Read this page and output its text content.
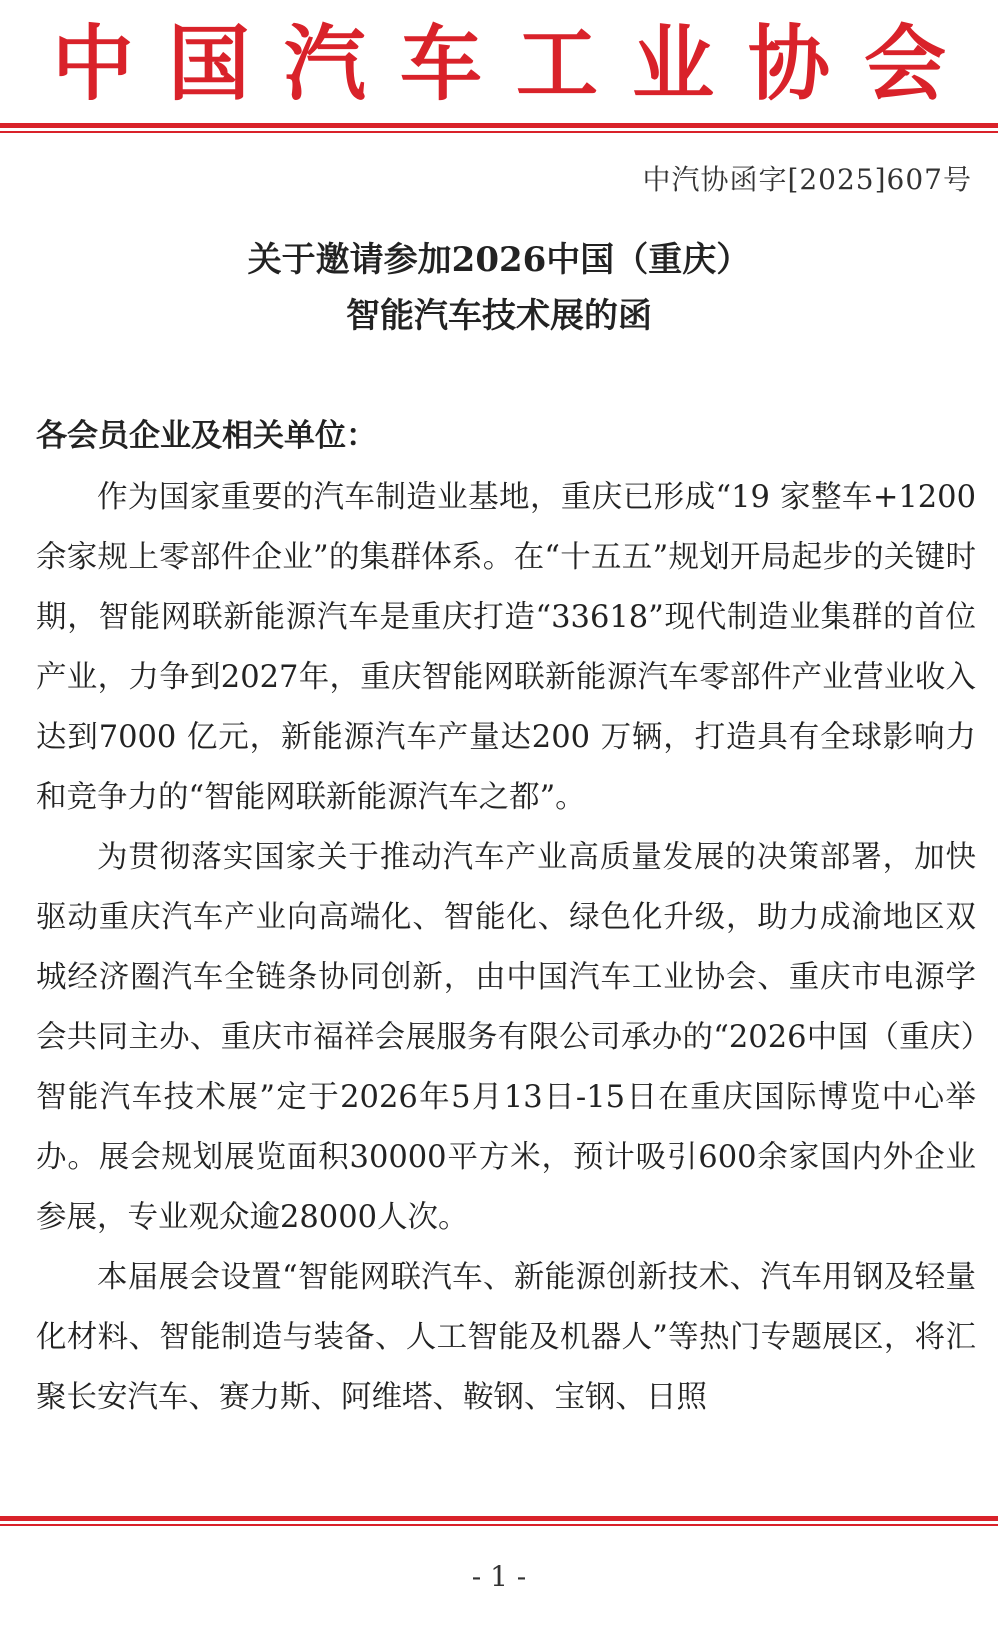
中国汽车工业协会
中汽协函字[2025]607号
关于邀请参加2026中国（重庆）
智能汽车技术展的函
各会员企业及相关单位：

作为国家重要的汽车制造业基地，重庆已形成“19 家整车+1200余家规上零部件企业”的集群体系。在“十五五”规划开局起步的关键时期，智能网联新能源汽车是重庆打造“33618”现代制造业集群的首位产业，力争到2027年，重庆智能网联新能源汽车零部件产业营业收入达到7000 亿元，新能源汽车产量达200 万辆，打造具有全球影响力和竞争力的“智能网联新能源汽车之都”。

为贯彻落实国家关于推动汽车产业高质量发展的决策部署，加快驱动重庆汽车产业向高端化、智能化、绿色化升级，助力成渝地区双城经济圈汽车全链条协同创新，由中国汽车工业协会、重庆市电源学会共同主办、重庆市福祥会展服务有限公司承办的“2026中国（重庆）智能汽车技术展”定于2026年5月13日-15日在重庆国际博览中心举办。展会规划展览面积30000平方米，预计吸引600余家国内外企业参展，专业观众逾28000人次。

本届展会设置“智能网联汽车、新能源创新技术、汽车用钢及轻量化材料、智能制造与装备、人工智能及机器人”等热门专题展区，将汇聚长安汽车、赛力斯、阿维塔、鞍钢、宝钢、日照

- 1 -
